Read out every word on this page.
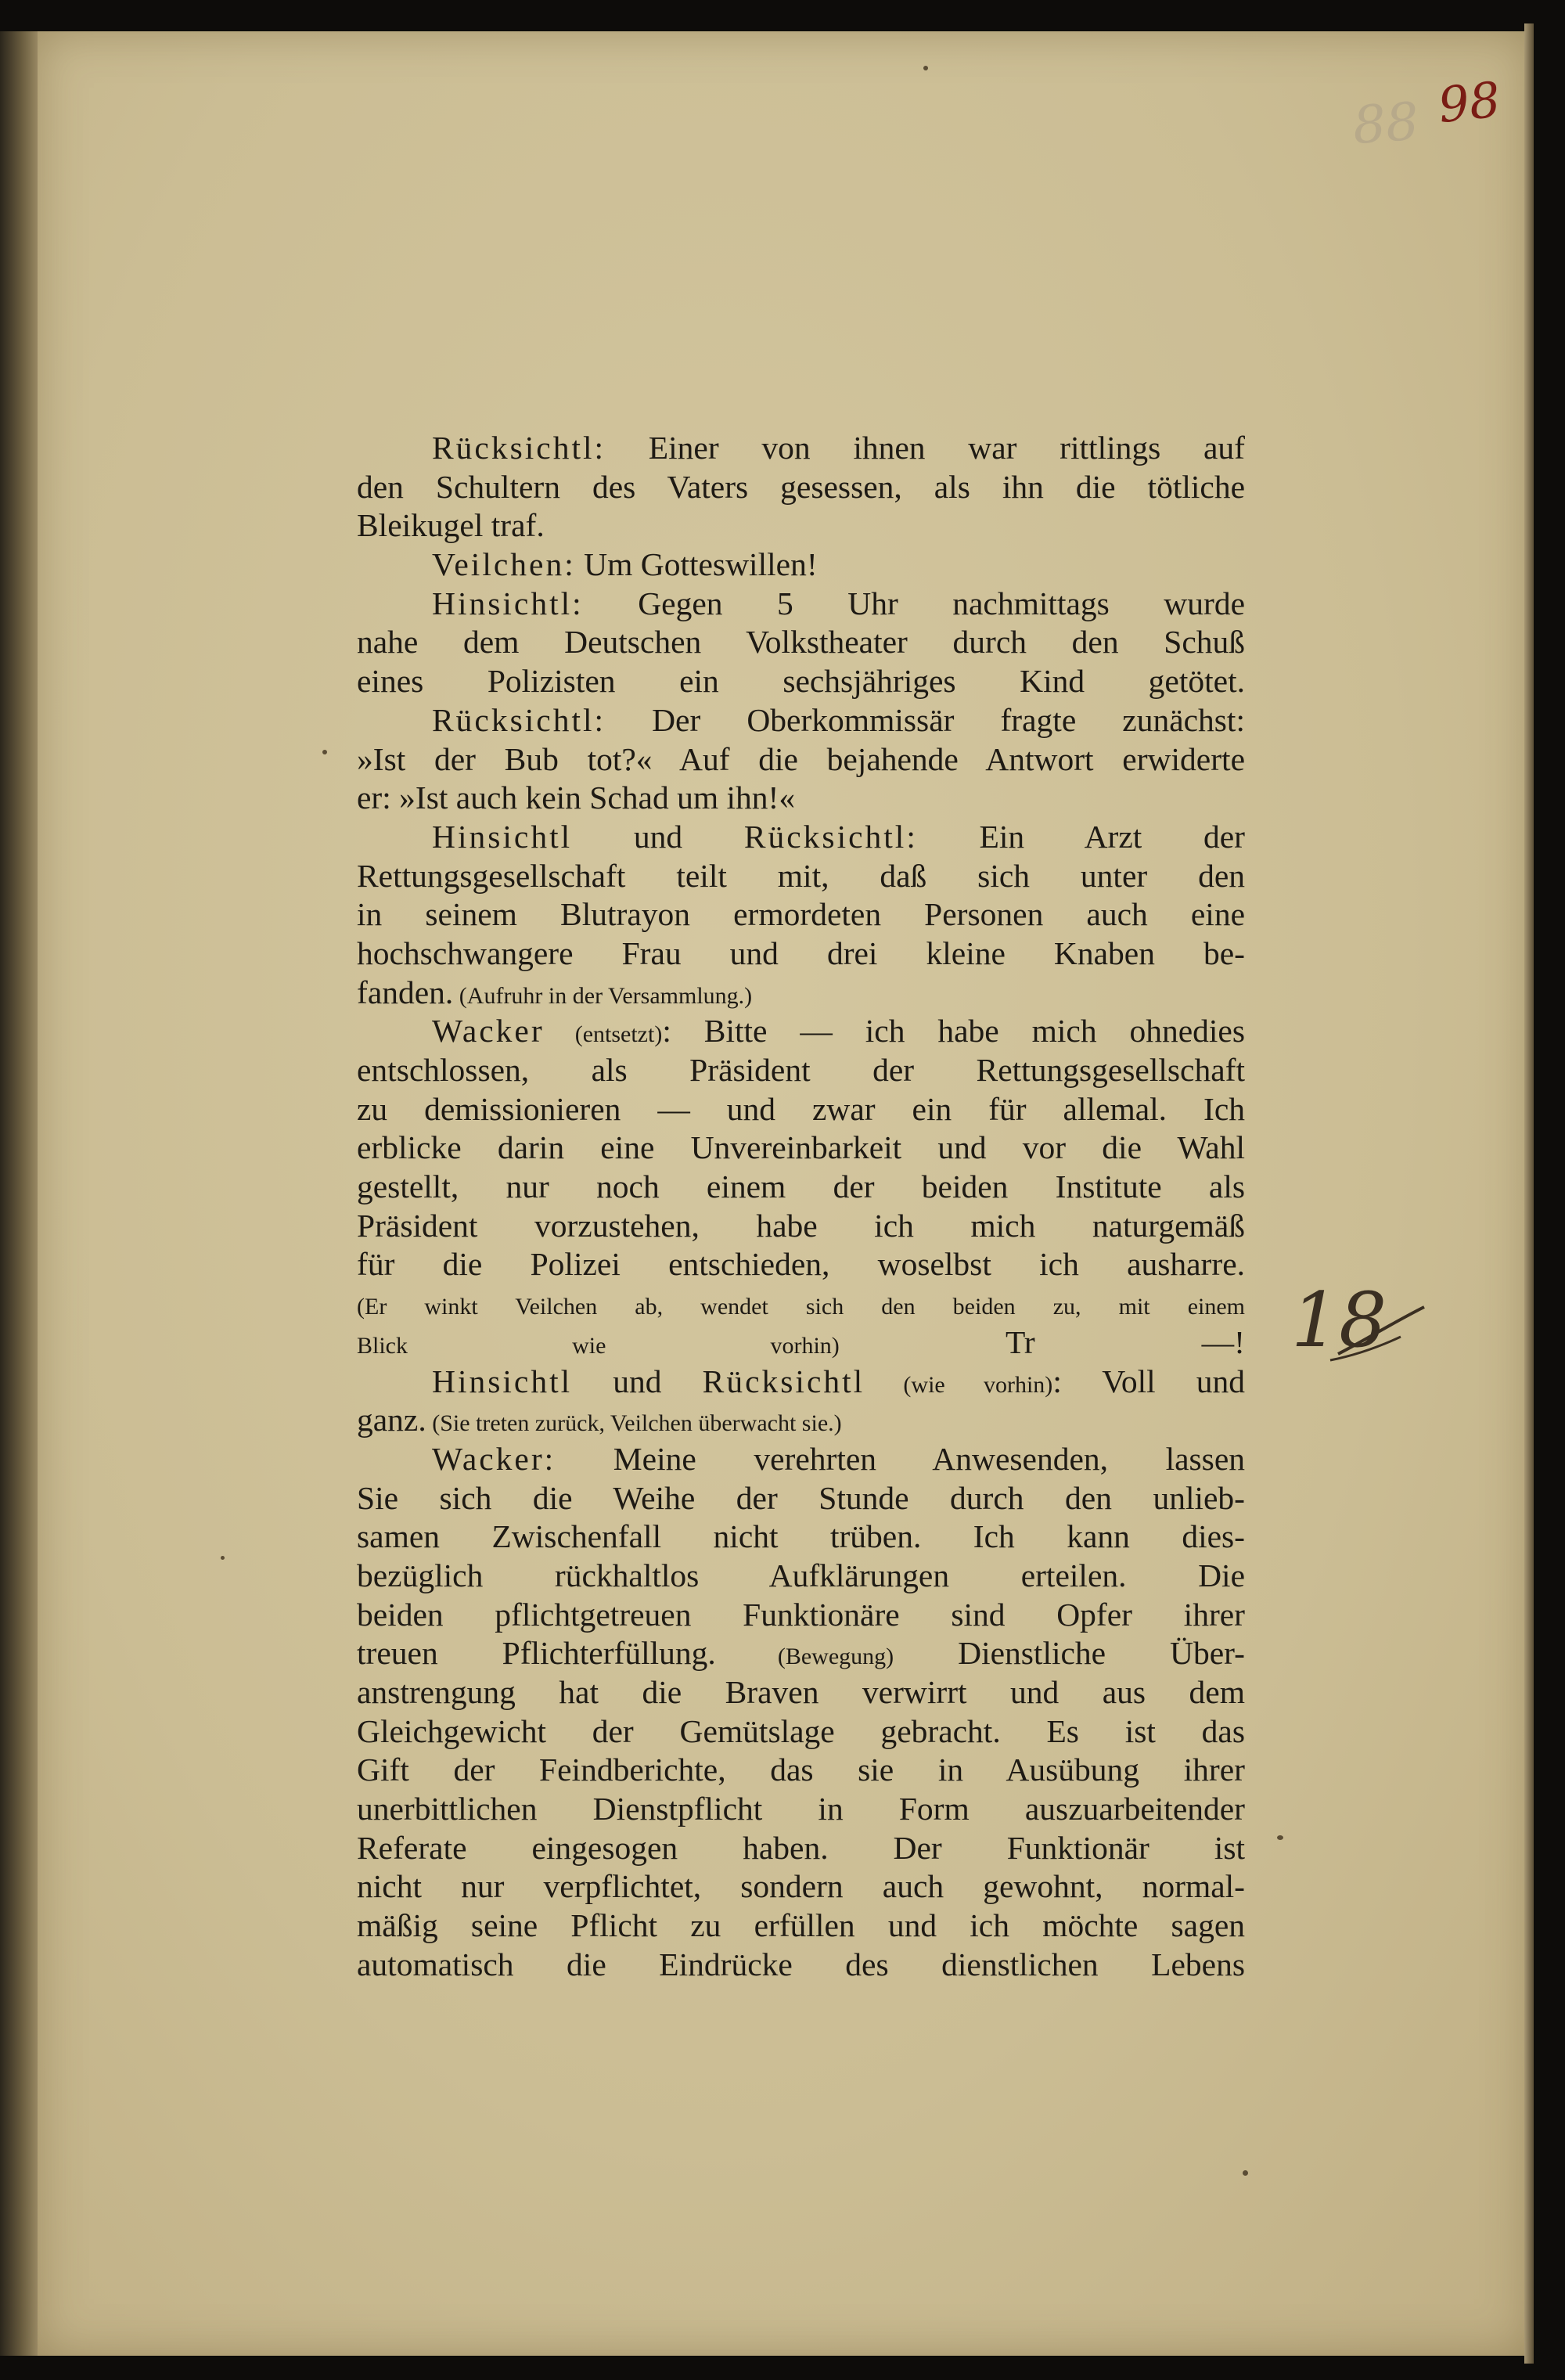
88 98
Rücksichtl: Einer von ihnen war rittlings auf
den Schultern des Vaters gesessen, als ihn die tötliche
Bleikugel traf.
Veilchen: Um Gotteswillen!
Hinsichtl: Gegen 5 Uhr nachmittags wurde
nahe dem Deutschen Volkstheater durch den Schuß
eines Polizisten ein sechsjähriges Kind getötet.
Rücksichtl: Der Oberkommissär fragte zunächst:
»Ist der Bub tot?« Auf die bejahende Antwort erwiderte
er: »Ist auch kein Schad um ihn!«
Hinsichtl und Rücksichtl: Ein Arzt der
Rettungsgesellschaft teilt mit, daß sich unter den
in seinem Blutrayon ermordeten Personen auch eine
hochschwangere Frau und drei kleine Knaben be-
fanden. (Aufruhr in der Versammlung.)
Wacker (entsetzt): Bitte — ich habe mich ohnedies
entschlossen, als Präsident der Rettungsgesellschaft
zu demissionieren — und zwar ein für allemal. Ich
erblicke darin eine Unvereinbarkeit und vor die Wahl
gestellt, nur noch einem der beiden Institute als
Präsident vorzustehen, habe ich mich naturgemäß
für die Polizei entschieden, woselbst ich ausharre.
(Er winkt Veilchen ab, wendet sich den beiden zu, mit einem
Blick wie vorhin) Tr —!
Hinsichtl und Rücksichtl (wie vorhin): Voll und
ganz. (Sie treten zurück, Veilchen überwacht sie.)
Wacker: Meine verehrten Anwesenden, lassen
Sie sich die Weihe der Stunde durch den unlieb-
samen Zwischenfall nicht trüben. Ich kann dies-
bezüglich rückhaltlos Aufklärungen erteilen. Die
beiden pflichtgetreuen Funktionäre sind Opfer ihrer
treuen Pflichterfüllung. (Bewegung) Dienstliche Über-
anstrengung hat die Braven verwirrt und aus dem
Gleichgewicht der Gemütslage gebracht. Es ist das
Gift der Feindberichte, das sie in Ausübung ihrer
unerbittlichen Dienstpflicht in Form auszuarbeitender
Referate eingesogen haben. Der Funktionär ist
nicht nur verpflichtet, sondern auch gewohnt, normal-
mäßig seine Pflicht zu erfüllen und ich möchte sagen
automatisch die Eindrücke des dienstlichen Lebens
18
